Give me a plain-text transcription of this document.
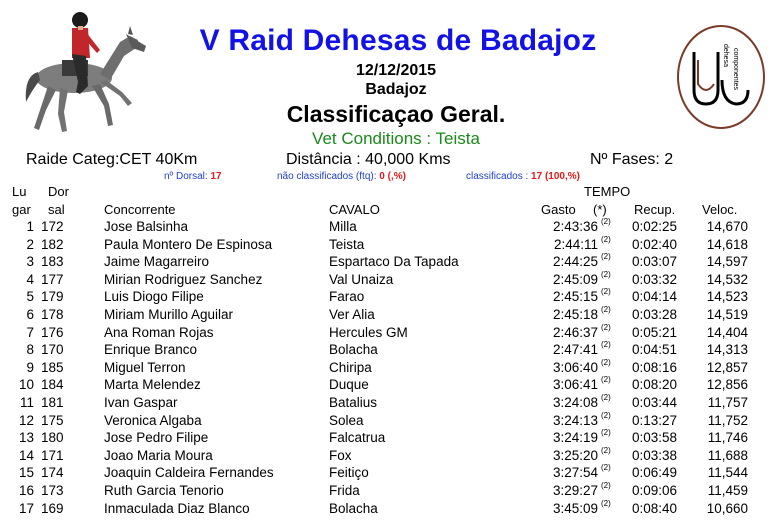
dehesa componentes
V Raid Dehesas de Badajoz
12/12/2015
Badajoz
Classificaçao Geral.
Vet Conditions : Teista
Raide Categ:CET 40Km	Distância : 40,000 Kms	Nº Fases: 2
nº Dorsal: 17	não classificados (ftq): 0 (,%)	classificados : 17 (100,%)
Lu
gar
Dor
sal	Concorrente	CAVALO
TEMPO
Gasto (*) Recup. Veloc.
1 172	Jose Balsinha	Milla	2:43:36 (2) 0:02:25	14,670
2 182	Paula Montero De Espinosa	Teista	2:44:11 (2) 0:02:40	14,618
3 183	Jaime Magarreiro	Espartaco Da Tapada	2:44:25 (2) 0:03:07	14,597
4 177	Mirian Rodriguez Sanchez	Val Unaiza	2:45:09 (2) 0:03:32	14,532
5 179	Luis Diogo Filipe	Farao	2:45:15 (2) 0:04:14	14,523
6 178	Miriam Murillo Aguilar	Ver Alia	2:45:18 (2) 0:03:28	14,519
7 176	Ana Roman Rojas	Hercules GM	2:46:37 (2) 0:05:21	14,404
8 170	Enrique Branco	Bolacha	2:47:41 (2) 0:04:51	14,313
9 185	Miguel Terron	Chiripa	3:06:40 (2) 0:08:16	12,857
10 184	Marta Melendez	Duque	3:06:41 (2) 0:08:20	12,856
11 181	Ivan Gaspar	Batalius	3:24:08 (2) 0:03:44	11,757
12 175	Veronica Algaba	Solea	3:24:13 (2) 0:13:27	11,752
13 180	Jose Pedro Filipe	Falcatrua	3:24:19 (2) 0:03:58	11,746
14 171	Joao Maria Moura	Fox	3:25:20 (2) 0:03:38	11,688
15 174	Joaquin Caldeira Fernandes	Feitiço	3:27:54 (2) 0:06:49	11,544
16 173	Ruth Garcia Tenorio	Frida	3:29:27 (2) 0:09:06	11,459
17 169	Inmaculada Diaz Blanco	Bolacha	3:45:09 (2) 0:08:40	10,660
